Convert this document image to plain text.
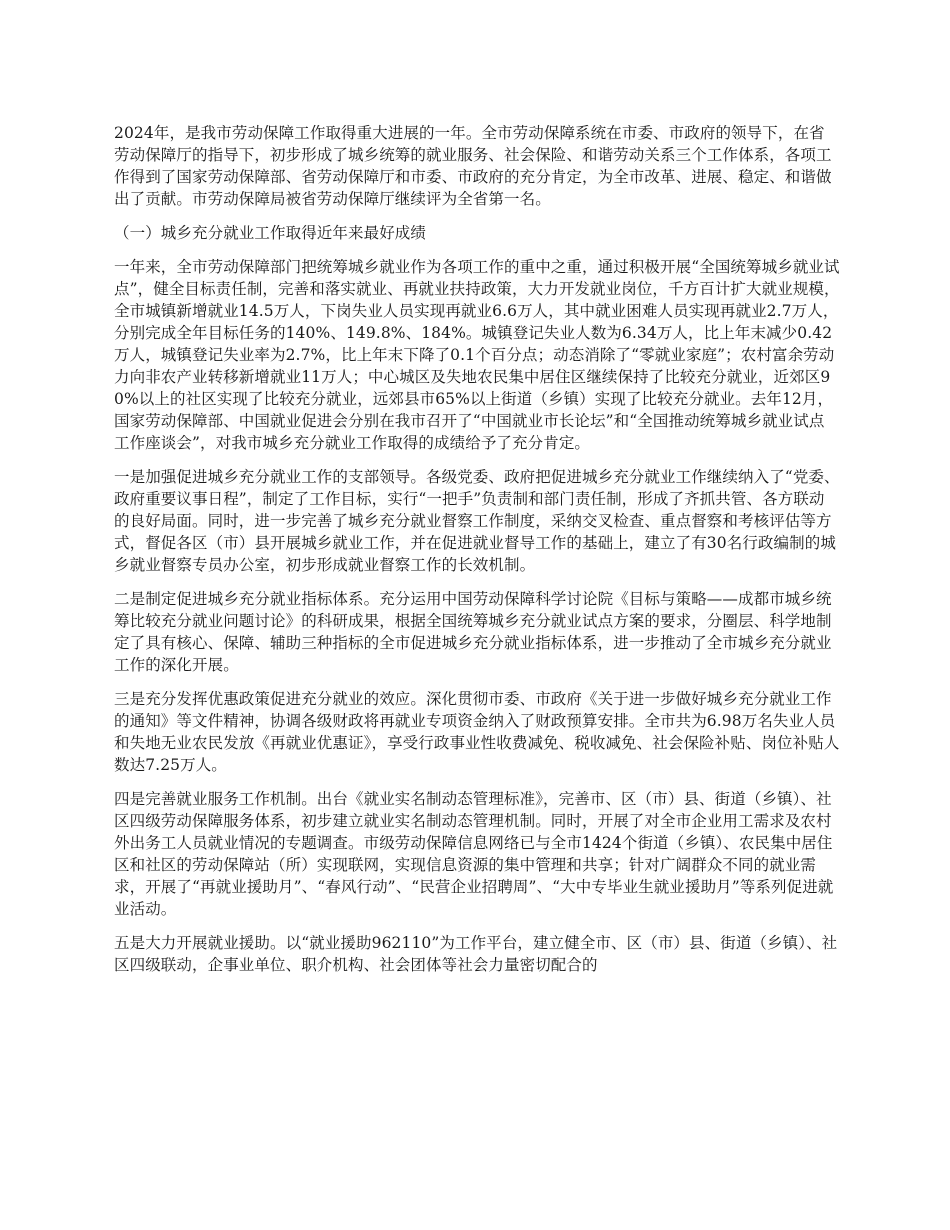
2024年，是我市劳动保障工作取得重大进展的一年。全市劳动保障系统在市委、市政府的领导下，在省劳动保障厅的指导下，初步形成了城乡统筹的就业服务、社会保险、和谐劳动关系三个工作体系，各项工作得到了国家劳动保障部、省劳动保障厅和市委、市政府的充分肯定，为全市改革、进展、稳定、和谐做出了贡献。市劳动保障局被省劳动保障厅继续评为全省第一名。

（一）城乡充分就业工作取得近年来最好成绩

一年来，全市劳动保障部门把统筹城乡就业作为各项工作的重中之重，通过积极开展“全国统筹城乡就业试点”，健全目标责任制，完善和落实就业、再就业扶持政策，大力开发就业岗位，千方百计扩大就业规模，全市城镇新增就业14.5万人，下岗失业人员实现再就业6.6万人，其中就业困难人员实现再就业2.7万人，分别完成全年目标任务的140%、149.8%、184%。城镇登记失业人数为6.34万人，比上年末减少0.42万人，城镇登记失业率为2.7%，比上年末下降了0.1个百分点；动态消除了“零就业家庭”；农村富余劳动力向非农产业转移新增就业11万人；中心城区及失地农民集中居住区继续保持了比较充分就业，近郊区90%以上的社区实现了比较充分就业，远郊县市65%以上街道（乡镇）实现了比较充分就业。去年12月，国家劳动保障部、中国就业促进会分别在我市召开了“中国就业市长论坛”和“全国推动统筹城乡就业试点工作座谈会”，对我市城乡充分就业工作取得的成绩给予了充分肯定。

一是加强促进城乡充分就业工作的支部领导。各级党委、政府把促进城乡充分就业工作继续纳入了“党委、政府重要议事日程”，制定了工作目标，实行“一把手”负责制和部门责任制，形成了齐抓共管、各方联动的良好局面。同时，进一步完善了城乡充分就业督察工作制度，采纳交叉检查、重点督察和考核评估等方式，督促各区（市）县开展城乡就业工作，并在促进就业督导工作的基础上，建立了有30名行政编制的城乡就业督察专员办公室，初步形成就业督察工作的长效机制。

二是制定促进城乡充分就业指标体系。充分运用中国劳动保障科学讨论院《目标与策略——成都市城乡统筹比较充分就业问题讨论》的科研成果，根据全国统筹城乡充分就业试点方案的要求，分圈层、科学地制定了具有核心、保障、辅助三种指标的全市促进城乡充分就业指标体系，进一步推动了全市城乡充分就业工作的深化开展。

三是充分发挥优惠政策促进充分就业的效应。深化贯彻市委、市政府《关于进一步做好城乡充分就业工作的通知》等文件精神，协调各级财政将再就业专项资金纳入了财政预算安排。全市共为6.98万名失业人员和失地无业农民发放《再就业优惠证》，享受行政事业性收费减免、税收减免、社会保险补贴、岗位补贴人数达7.25万人。

四是完善就业服务工作机制。出台《就业实名制动态管理标准》，完善市、区（市）县、街道（乡镇）、社区四级劳动保障服务体系，初步建立就业实名制动态管理机制。同时，开展了对全市企业用工需求及农村外出务工人员就业情况的专题调查。市级劳动保障信息网络已与全市1424个街道（乡镇）、农民集中居住区和社区的劳动保障站（所）实现联网，实现信息资源的集中管理和共享；针对广阔群众不同的就业需求，开展了“再就业援助月”、“春风行动”、“民营企业招聘周”、“大中专毕业生就业援助月”等系列促进就业活动。

五是大力开展就业援助。以“就业援助962110”为工作平台，建立健全市、区（市）县、街道（乡镇）、社区四级联动，企事业单位、职介机构、社会团体等社会力量密切配合的
